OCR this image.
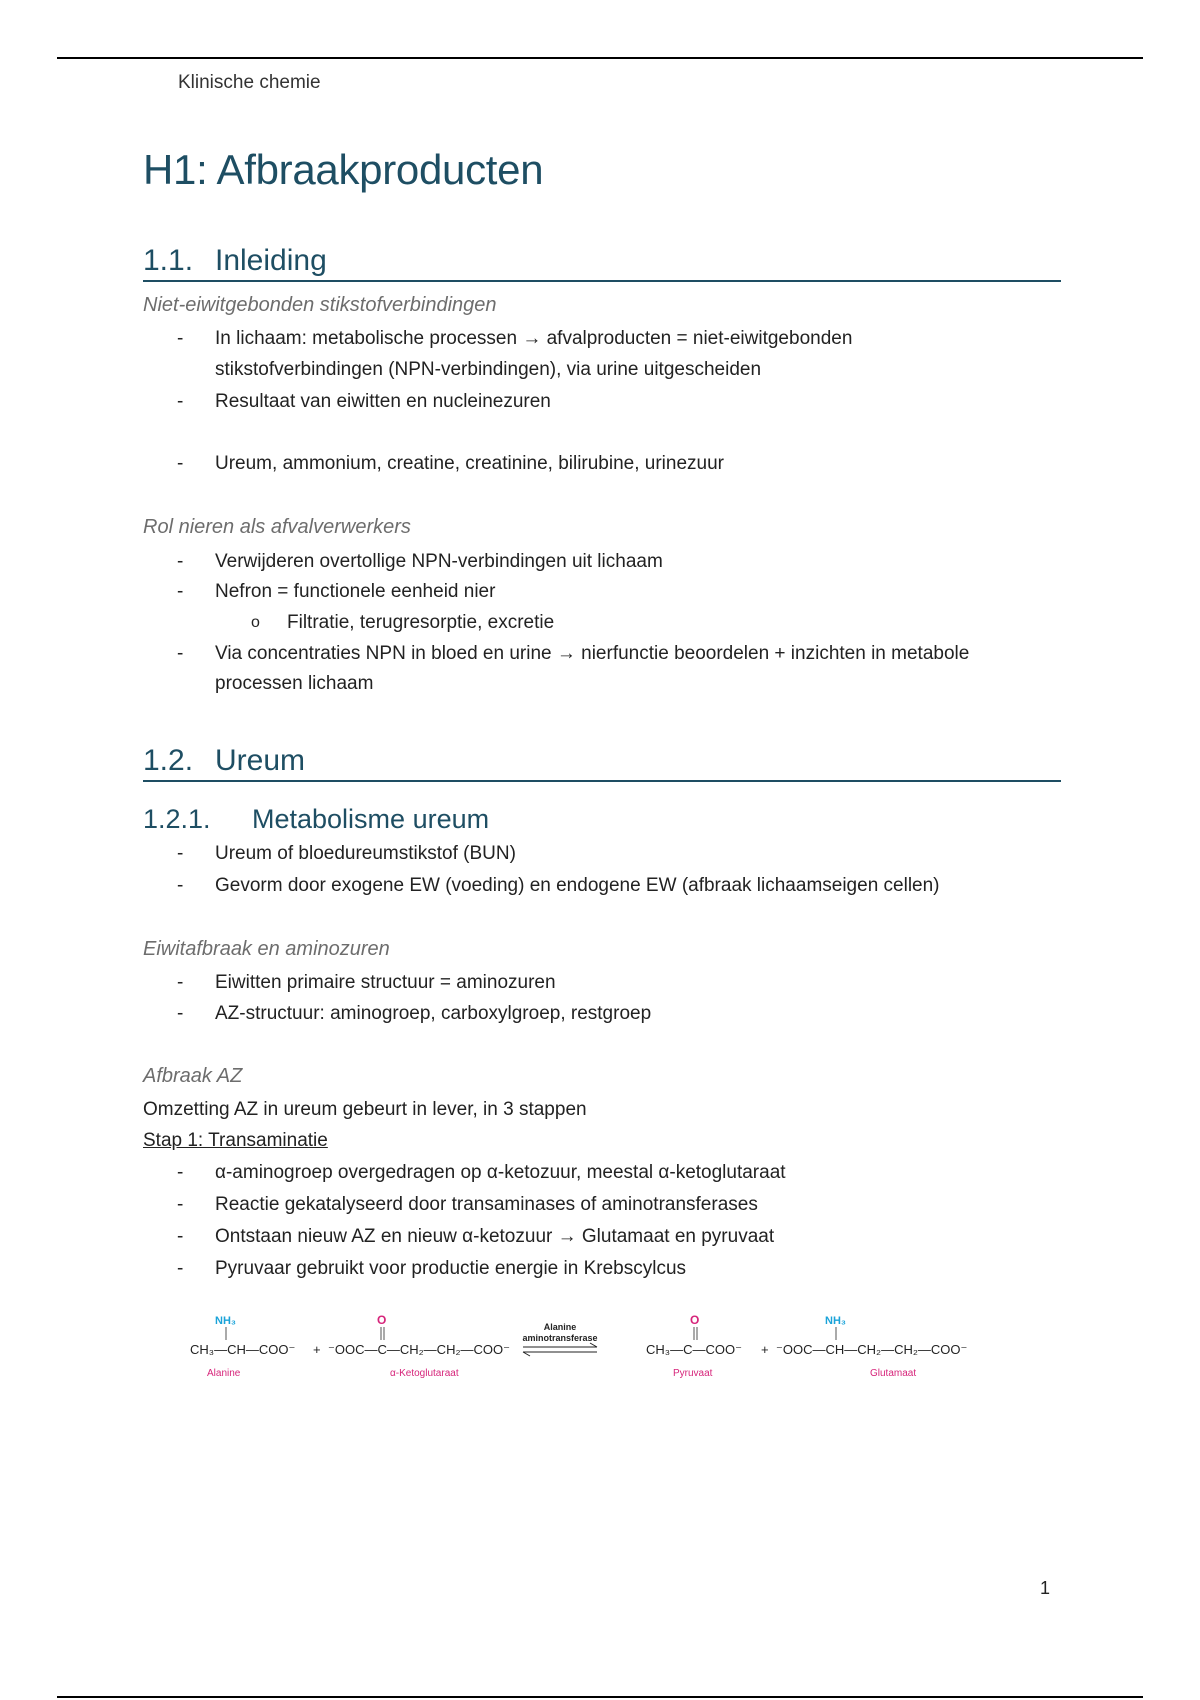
Klinische chemie
H1: Afbraakproducten
1.1. Inleiding
Niet-eiwitgebonden stikstofverbindingen
- In lichaam: metabolische processen → afvalproducten = niet-eiwitgebonden
stikstofverbindingen (NPN-verbindingen), via urine uitgescheiden
- Resultaat van eiwitten en nucleinezuren
- Ureum, ammonium, creatine, creatinine, bilirubine, urinezuur
Rol nieren als afvalverwerkers
- Verwijderen overtollige NPN-verbindingen uit lichaam
- Nefron = functionele eenheid nier
o Filtratie, terugresorptie, excretie
- Via concentraties NPN in bloed en urine → nierfunctie beoordelen + inzichten in metabole
processen lichaam
1.2. Ureum
1.2.1. Metabolisme ureum
- Ureum of bloedureumstikstof (BUN)
- Gevorm door exogene EW (voeding) en endogene EW (afbraak lichaamseigen cellen)
Eiwitafbraak en aminozuren
- Eiwitten primaire structuur = aminozuren
- AZ-structuur: aminogroep, carboxylgroep, restgroep
Afbraak AZ
Omzetting AZ in ureum gebeurt in lever, in 3 stappen
Stap 1: Transaminatie
- α-aminogroep overgedragen op α-ketozuur, meestal α-ketoglutaraat
- Reactie gekatalyseerd door transaminases of aminotransferases
- Ontstaan nieuw AZ en nieuw α-ketozuur → Glutamaat en pyruvaat
- Pyruvaar gebruikt voor productie energie in Krebscylcus
NH₃
CH₃—CH—COO⁻
Alanine
+
O
⁻OOC—C—CH₂—CH₂—COO⁻
α-Ketoglutaraat
Alanine
aminotransferase
O
CH₃—C—COO⁻
Pyruvaat
+
NH₃
⁻OOC—CH—CH₂—CH₂—COO⁻
Glutamaat
1
